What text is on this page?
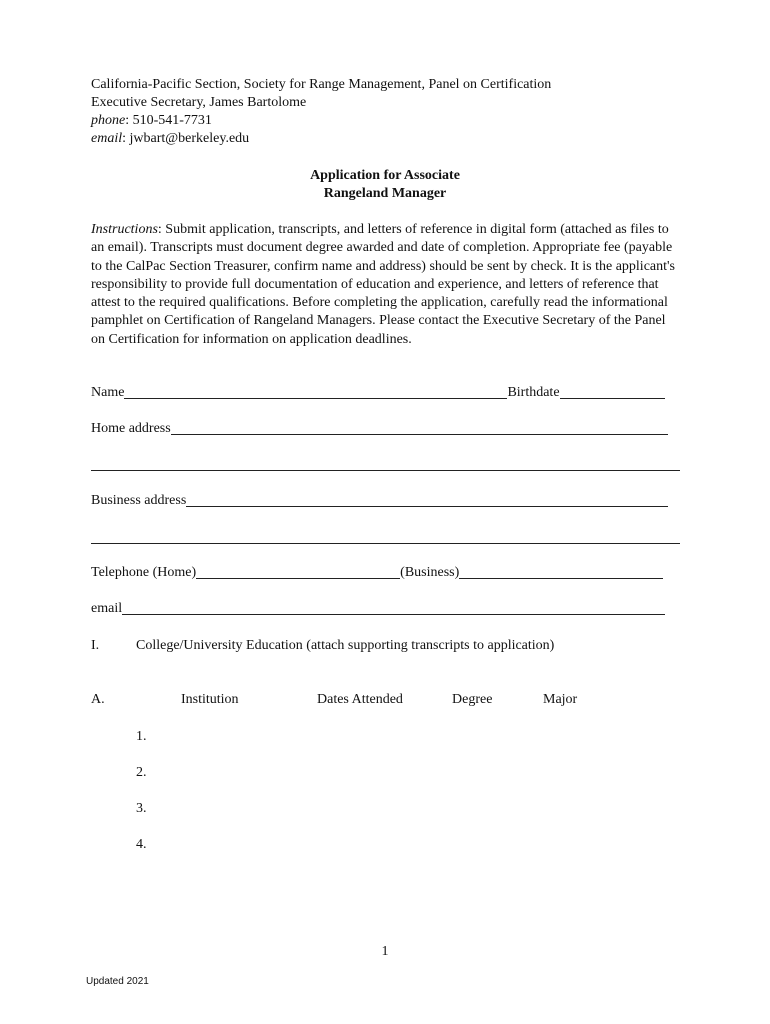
California-Pacific Section, Society for Range Management, Panel on Certification
Executive Secretary, James Bartolome
phone: 510-541-7731
email: jwbart@berkeley.edu
Application for Associate
Rangeland Manager
Instructions: Submit application, transcripts, and letters of reference in digital form (attached as files to an email). Transcripts must document degree awarded and date of completion. Appropriate fee (payable to the CalPac Section Treasurer, confirm name and address) should be sent by check. It is the applicant's responsibility to provide full documentation of education and experience, and letters of reference that attest to the required qualifications. Before completing the application, carefully read the informational pamphlet on Certification of Rangeland Managers. Please contact the Executive Secretary of the Panel on Certification for information on application deadlines.
Name	Birthdate
Home address
Business address
Telephone (Home)	(Business)
email
I.	College/University Education (attach supporting transcripts to application)
A.	Institution	Dates Attended	Degree	Major
1.
2.
3.
4.
1
Updated 2021
